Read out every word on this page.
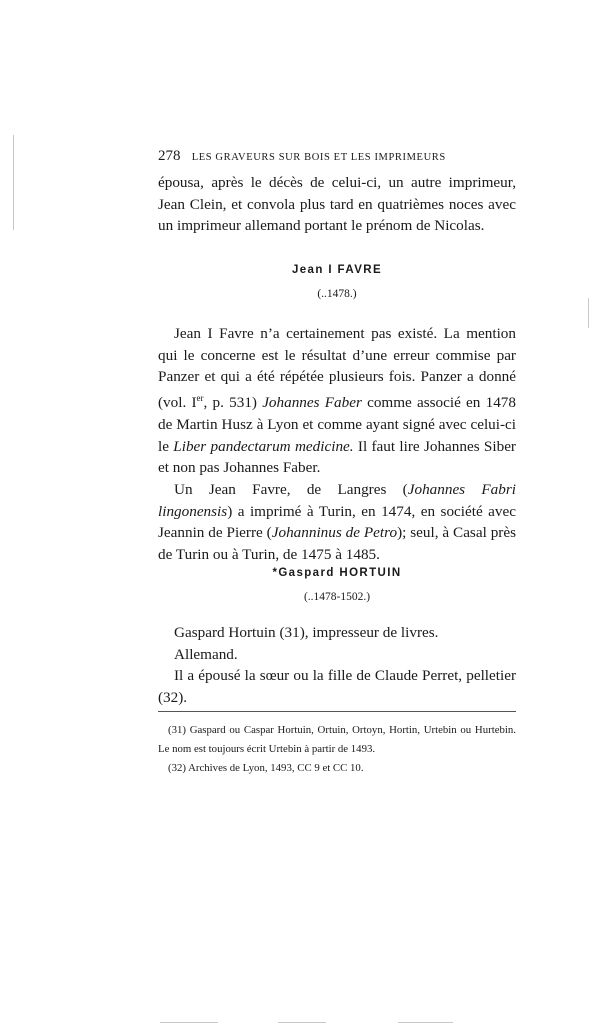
278 LES GRAVEURS SUR BOIS ET LES IMPRIMEURS

épousa, après le décès de celui-ci, un autre imprimeur, Jean Clein, et convola plus tard en quatrièmes noces avec un imprimeur allemand portant le prénom de Nicolas.

Jean I FAVRE

(..1478.)

Jean I Favre n’a certainement pas existé. La mention qui le concerne est le résultat d’une erreur commise par Panzer et qui a été répétée plusieurs fois. Panzer a donné (vol. Ier, p. 531) Johannes Faber comme associé en 1478 de Martin Husz à Lyon et comme ayant signé avec celui-ci le Liber pandectarum medicine. Il faut lire Johannes Siber et non pas Johannes Faber.

Un Jean Favre, de Langres (Johannes Fabri lingonensis) a imprimé à Turin, en 1474, en société avec Jeannin de Pierre (Johanninus de Petro); seul, à Casal près de Turin ou à Turin, de 1475 à 1485.

*Gaspard HORTUIN

(..1478-1502.)

Gaspard Hortuin (31), impresseur de livres.

Allemand.

Il a épousé la sœur ou la fille de Claude Perret, pelletier (32).

(31) Gaspard ou Caspar Hortuin, Ortuin, Ortoyn, Hortin, Urtebin ou Hurtebin. Le nom est toujours écrit Urtebin à partir de 1493.

(32) Archives de Lyon, 1493, CC 9 et CC 10.
